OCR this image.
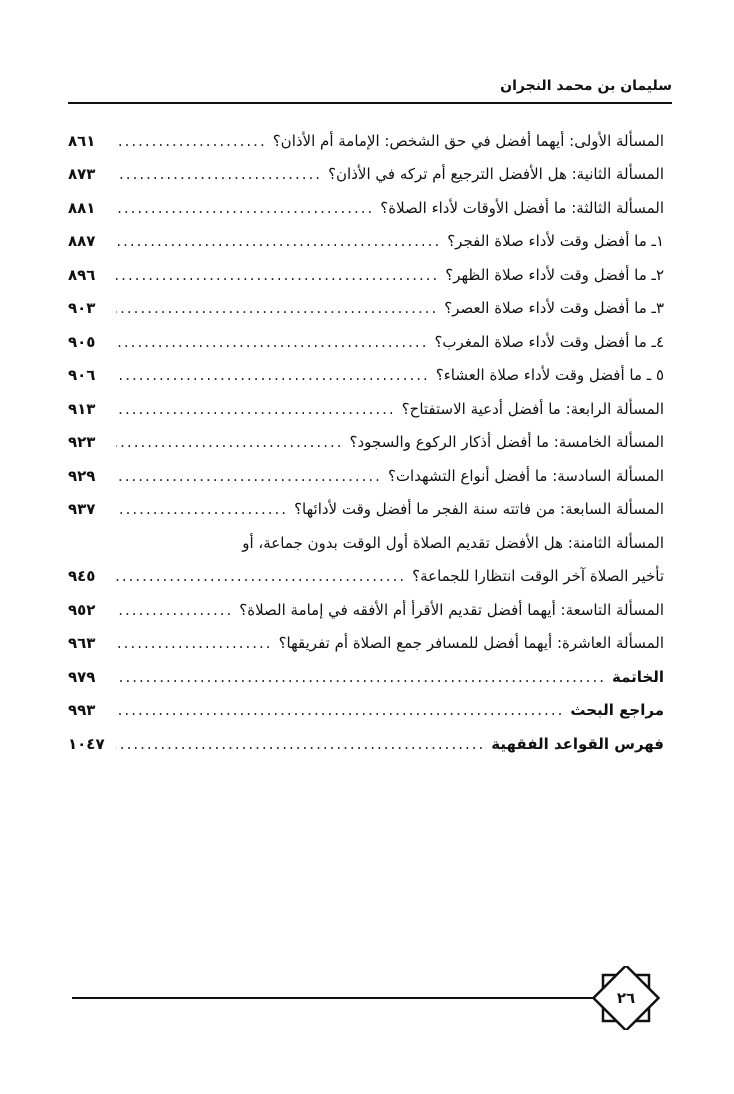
سليمان بن محمد النجران
المسألة الأولى: أيهما أفضل في حق الشخص: الإمامة أم الأذان؟
.....
٨٦١
المسألة الثانية: هل الأفضل الترجيع أم تركه في الأذان؟
.....
٨٧٣
المسألة الثالثة: ما أفضل الأوقات لأداء الصلاة؟
.....
٨٨١
١ـ ما أفضل وقت لأداء صلاة الفجر؟
.....
٨٨٧
٢ـ ما أفضل وقت لأداء صلاة الظهر؟
.....
٨٩٦
٣ـ ما أفضل وقت لأداء صلاة العصر؟
.....
٩٠٣
٤ـ ما أفضل وقت لأداء صلاة المغرب؟
.....
٩٠٥
٥ ـ ما أفضل وقت لأداء صلاة العشاء؟
.....
٩٠٦
المسألة الرابعة: ما أفضل أدعية الاستفتاح؟
.....
٩١٣
المسألة الخامسة: ما أفضل أذكار الركوع والسجود؟
.....
٩٢٣
المسألة السادسة: ما أفضل أنواع التشهدات؟
.....
٩٢٩
المسألة السابعة: من فاتته سنة الفجر ما أفضل وقت لأدائها؟
.....
٩٣٧
المسألة الثامنة: هل الأفضل تقديم الصلاة أول الوقت بدون جماعة، أو
تأخير الصلاة آخر الوقت انتظارا للجماعة؟
.....
٩٤٥
المسألة التاسعة: أيهما أفضل تقديم الأقرأ أم الأفقه في إمامة الصلاة؟
.....
٩٥٢
المسألة العاشرة: أيهما أفضل للمسافر جمع الصلاة أم تفريقها؟
.....
٩٦٣
الخاتمة
.....
٩٧٩
مراجع البحث
.....
٩٩٣
فهرس القواعد الفقهية
.....
١٠٤٧
٢٦
